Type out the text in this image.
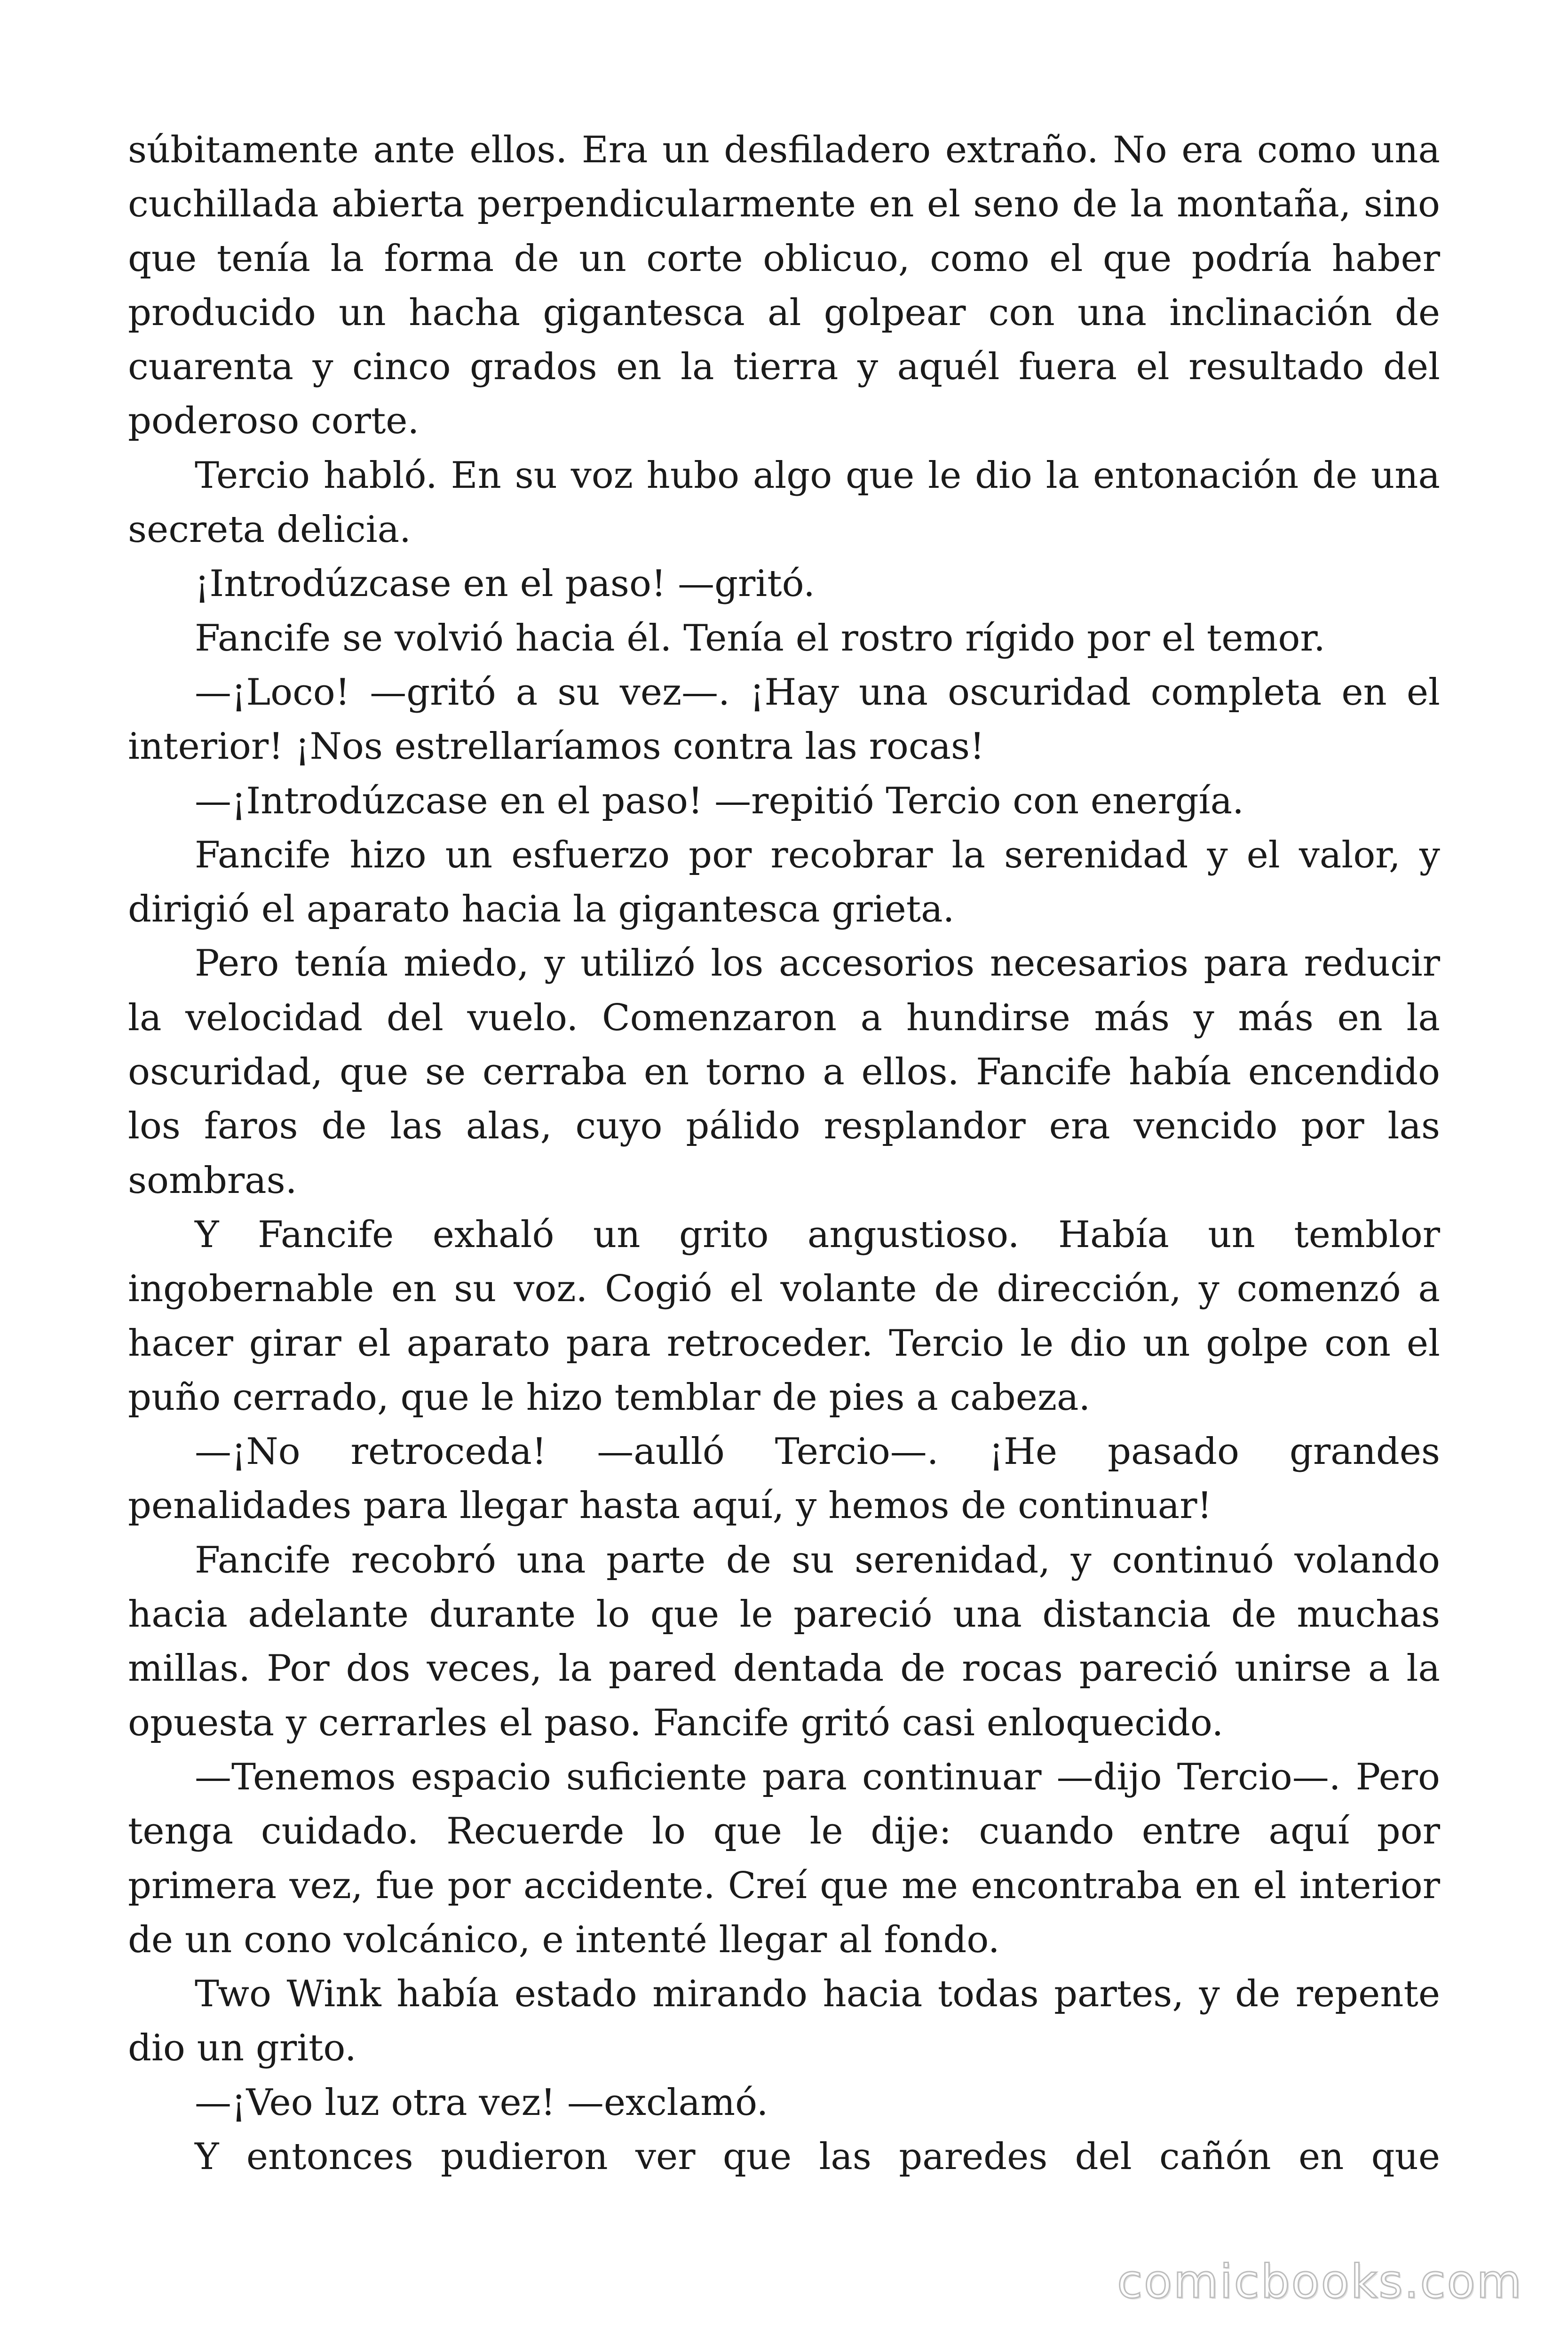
súbitamente ante ellos. Era un desfiladero extraño. No era como una cuchillada abierta perpendicularmente en el seno de la montaña, sino que tenía la forma de un corte oblicuo, como el que podría haber producido un hacha gigantesca al golpear con una inclinación de cuarenta y cinco grados en la tierra y aquél fuera el resultado del poderoso corte.

Tercio habló. En su voz hubo algo que le dio la entonación de una secreta delicia.

¡Introdúzcase en el paso! —gritó.

Fancife se volvió hacia él. Tenía el rostro rígido por el temor.

—¡Loco! —gritó a su vez—. ¡Hay una oscuridad completa en el interior! ¡Nos estrellaríamos contra las rocas!

—¡Introdúzcase en el paso! —repitió Tercio con energía.

Fancife hizo un esfuerzo por recobrar la serenidad y el valor, y dirigió el aparato hacia la gigantesca grieta.

Pero tenía miedo, y utilizó los accesorios necesarios para reducir la velocidad del vuelo. Comenzaron a hundirse más y más en la oscuridad, que se cerraba en torno a ellos. Fancife había encendido los faros de las alas, cuyo pálido resplandor era vencido por las sombras.

Y Fancife exhaló un grito angustioso. Había un temblor ingobernable en su voz. Cogió el volante de dirección, y comenzó a hacer girar el aparato para retroceder. Tercio le dio un golpe con el puño cerrado, que le hizo temblar de pies a cabeza.

—¡No retroceda! —aulló Tercio—. ¡He pasado grandes penalidades para llegar hasta aquí, y hemos de continuar!

Fancife recobró una parte de su serenidad, y continuó volando hacia adelante durante lo que le pareció una distancia de muchas millas. Por dos veces, la pared dentada de rocas pareció unirse a la opuesta y cerrarles el paso. Fancife gritó casi enloquecido.

—Tenemos espacio suficiente para continuar —dijo Tercio—. Pero tenga cuidado. Recuerde lo que le dije: cuando entre aquí por primera vez, fue por accidente. Creí que me encontraba en el interior de un cono volcánico, e intenté llegar al fondo.

Two Wink había estado mirando hacia todas partes, y de repente dio un grito.

—¡Veo luz otra vez! —exclamó.

Y entonces pudieron ver que las paredes del cañón en que

comicbooks.com
